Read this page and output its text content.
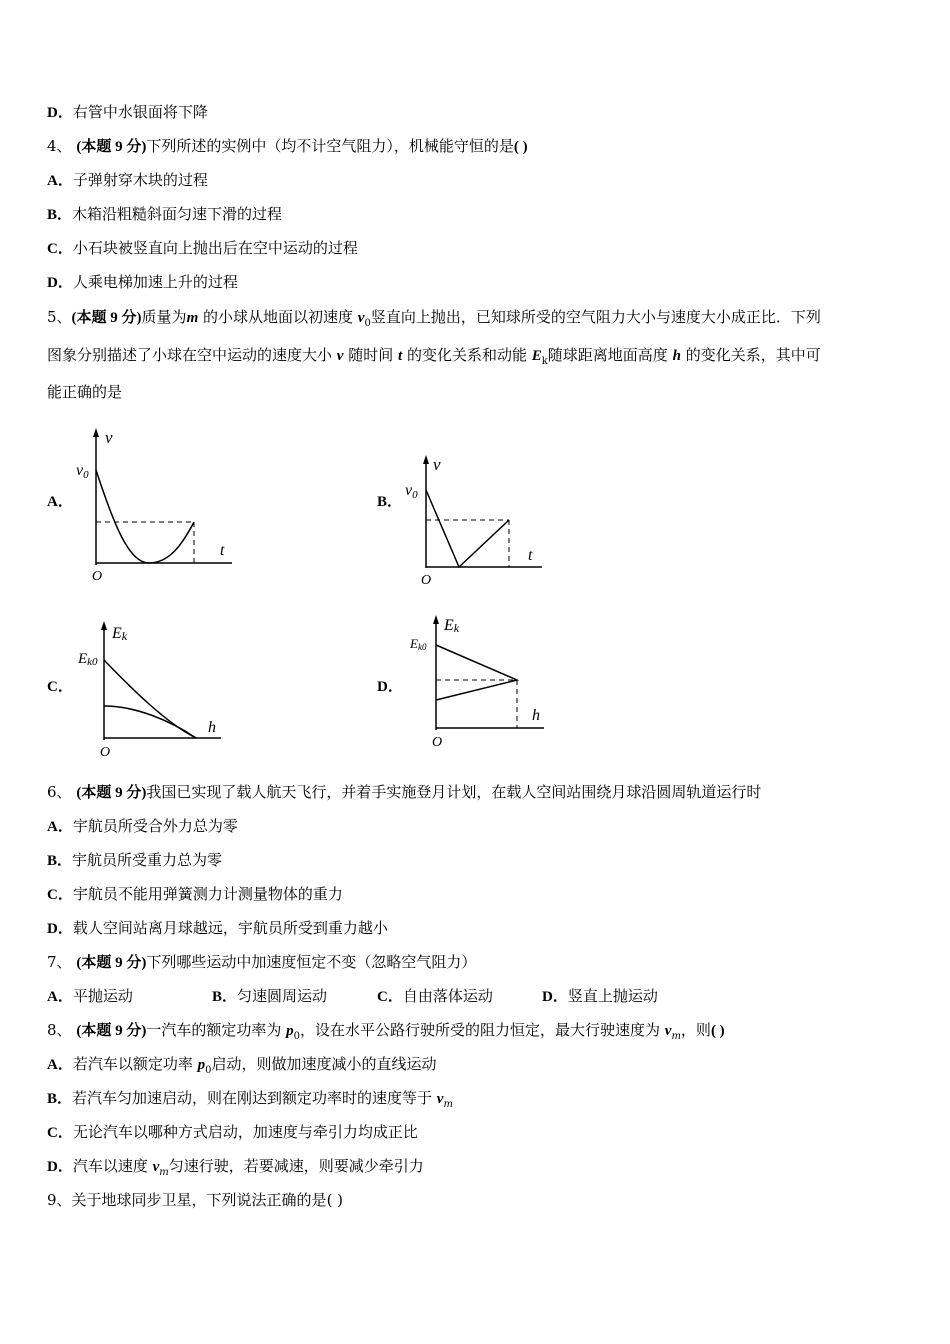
D．右管中水银面将下降
4、 (本题 9 分)下列所述的实例中（均不计空气阻力），机械能守恒的是( )
A．子弹射穿木块的过程
B．木箱沿粗糙斜面匀速下滑的过程
C．小石块被竖直向上抛出后在空中运动的过程
D．人乘电梯加速上升的过程
5、(本题 9 分)质量为m 的小球从地面以初速度 $v_0$竖直向上抛出，已知球所受的空气阻力大小与速度大小成正比．下列
图象分别描述了小球在空中运动的速度大小 v 随时间 t 的变化关系和动能 $E_k$随球距离地面高度 h 的变化关系，其中可
能正确的是
A．
v
v0
t
O
B．
v
v0
t
O
C．
Ek
Ek0
h
O
D．
Ek
Ek0
h
O
6、 (本题 9 分)我国已实现了载人航天飞行，并着手实施登月计划，在载人空间站围绕月球沿圆周轨道运行时
A．宇航员所受合外力总为零
B．宇航员所受重力总为零
C．宇航员不能用弹簧测力计测量物体的重力
D．载人空间站离月球越远，宇航员所受到重力越小
7、 (本题 9 分)下列哪些运动中加速度恒定不变（忽略空气阻力）
A．平抛运动	B．匀速圆周运动	C．自由落体运动	D．竖直上抛运动
8、 (本题 9 分)一汽车的额定功率为 $p_0$，设在水平公路行驶所受的阻力恒定，最大行驶速度为 $v_m$，则( )
A．若汽车以额定功率 $p_0$启动，则做加速度减小的直线运动
B．若汽车匀加速启动，则在刚达到额定功率时的速度等于 $v_m$
C．无论汽车以哪种方式启动，加速度与牵引力均成正比
D．汽车以速度 $v_m$匀速行驶，若要减速，则要减少牵引力
9、关于地球同步卫星，下列说法正确的是( )
